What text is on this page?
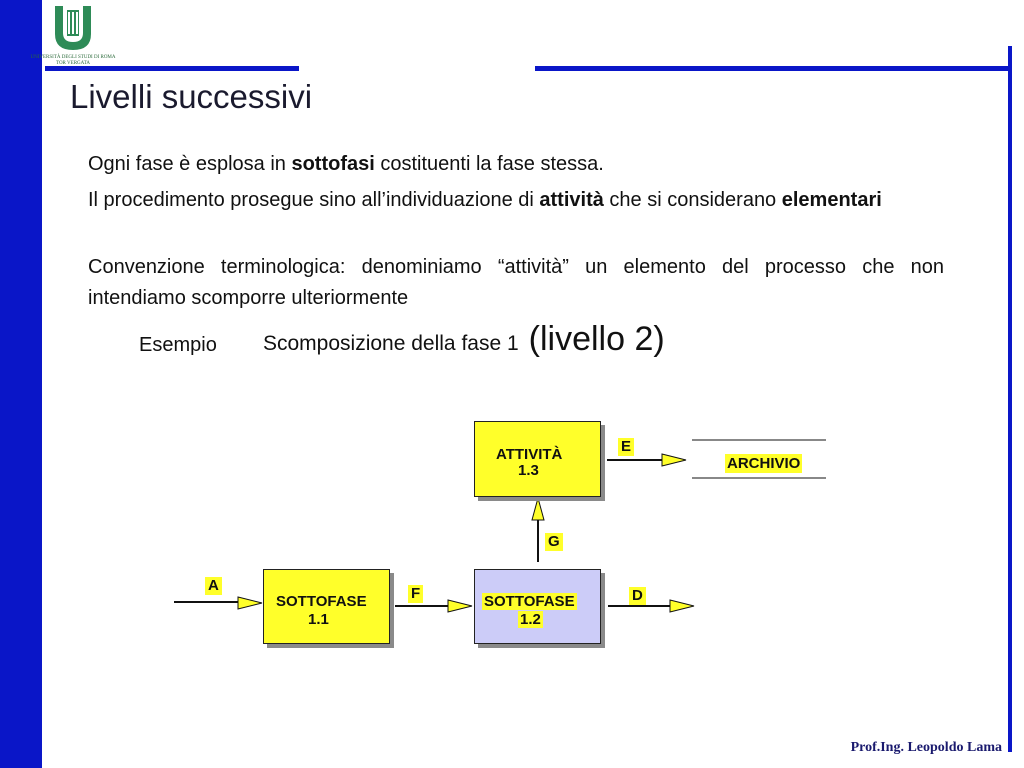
UNIVERSITÀ DEGLI STUDI DI ROMA
TOR VERGATA
Livelli successivi
Ogni fase è esplosa in sottofasi costituenti la fase stessa.
Il procedimento prosegue sino all’individuazione di attività che si considerano elementari
Convenzione terminologica: denominiamo “attività” un elemento del processo che non intendiamo scomporre ulteriormente
Esempio Scomposizione della fase 1 (livello 2)
ATTIVITÀ
1.3
SOTTOFASE
1.1
SOTTOFASE
1.2
A	F	D
G
E
ARCHIVIO
Prof.Ing. Leopoldo Lama
